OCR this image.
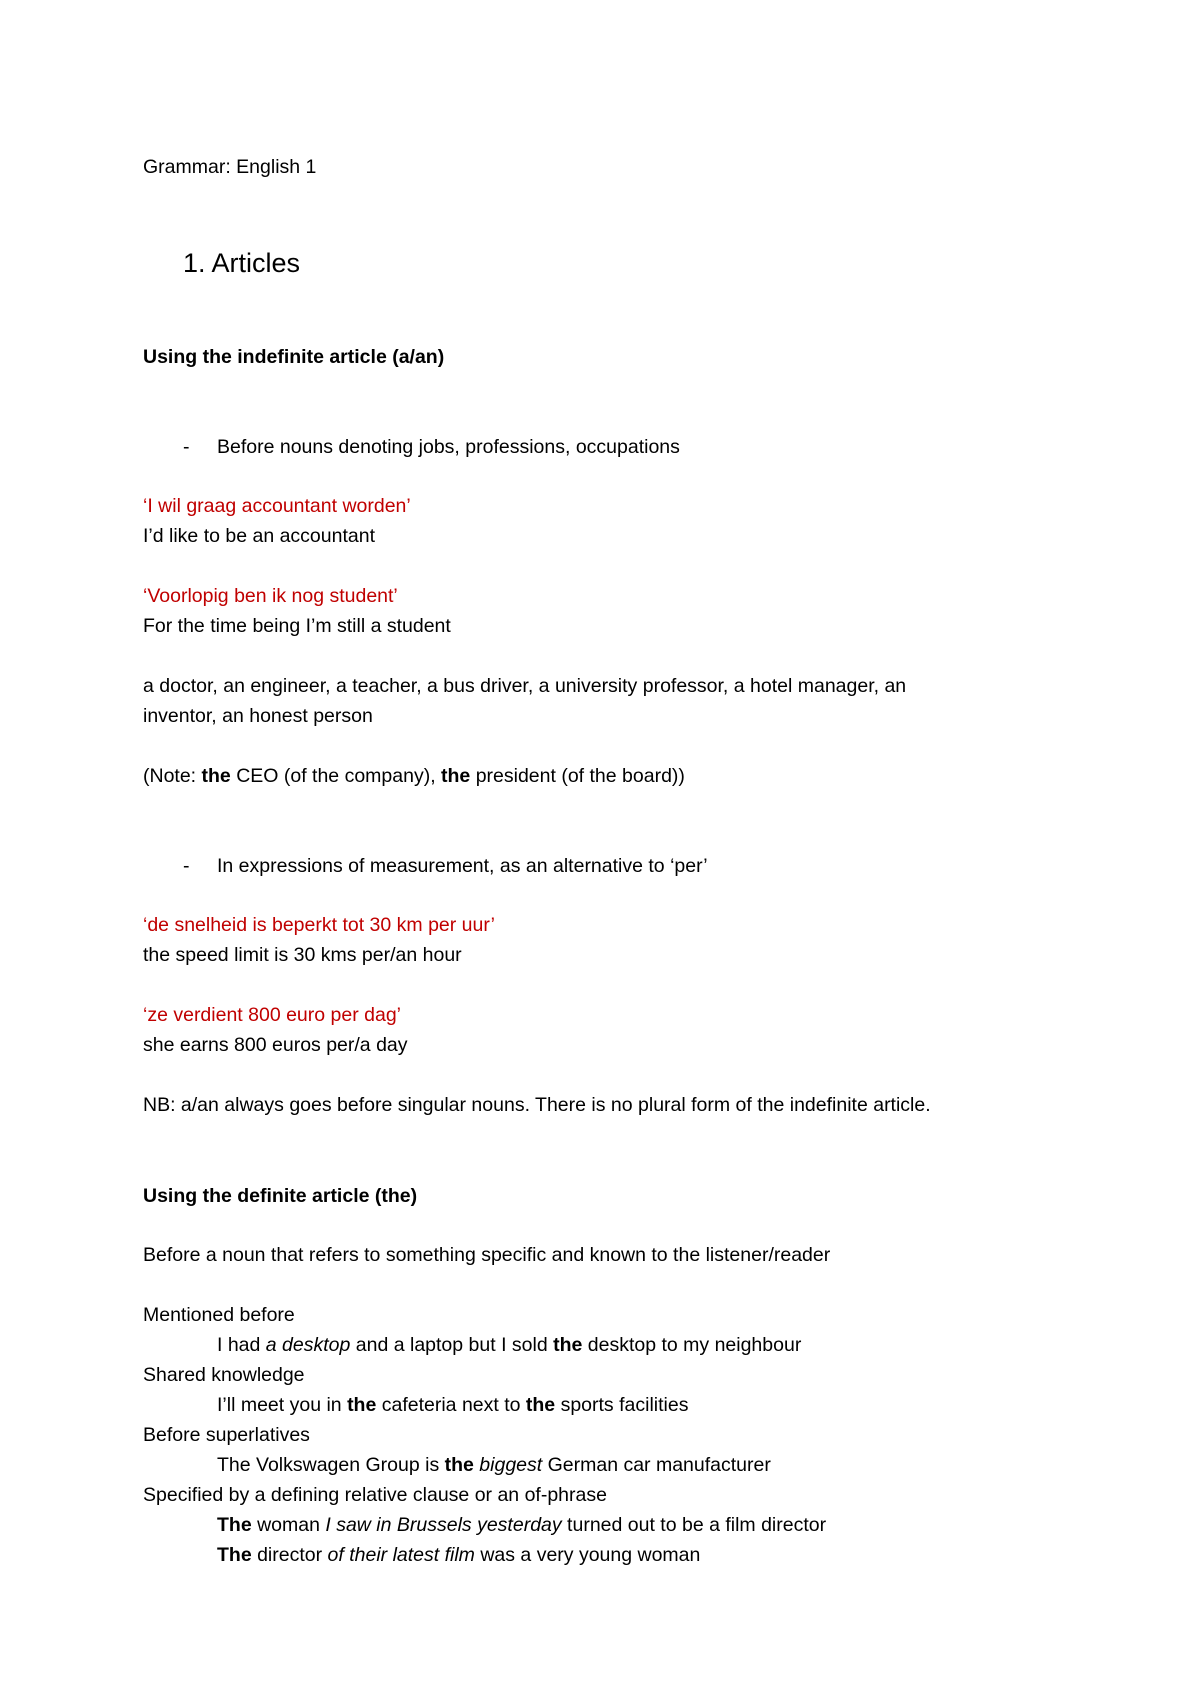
Grammar: English 1
1. Articles
Using the indefinite article (a/an)
- Before nouns denoting jobs, professions, occupations
‘I wil graag accountant worden’
I’d like to be an accountant
‘Voorlopig ben ik nog student’
For the time being I’m still a student
a doctor, an engineer, a teacher, a bus driver, a university professor, a hotel manager, an
inventor, an honest person
(Note: the CEO (of the company), the president (of the board))
- In expressions of measurement, as an alternative to ‘per’
‘de snelheid is beperkt tot 30 km per uur’
the speed limit is 30 kms per/an hour
‘ze verdient 800 euro per dag’
she earns 800 euros per/a day
NB: a/an always goes before singular nouns. There is no plural form of the indefinite article.
Using the definite article (the)
Before a noun that refers to something specific and known to the listener/reader
Mentioned before
I had a desktop and a laptop but I sold the desktop to my neighbour
Shared knowledge
I’ll meet you in the cafeteria next to the sports facilities
Before superlatives
The Volkswagen Group is the biggest German car manufacturer
Specified by a defining relative clause or an of-phrase
The woman I saw in Brussels yesterday turned out to be a film director
The director of their latest film was a very young woman
